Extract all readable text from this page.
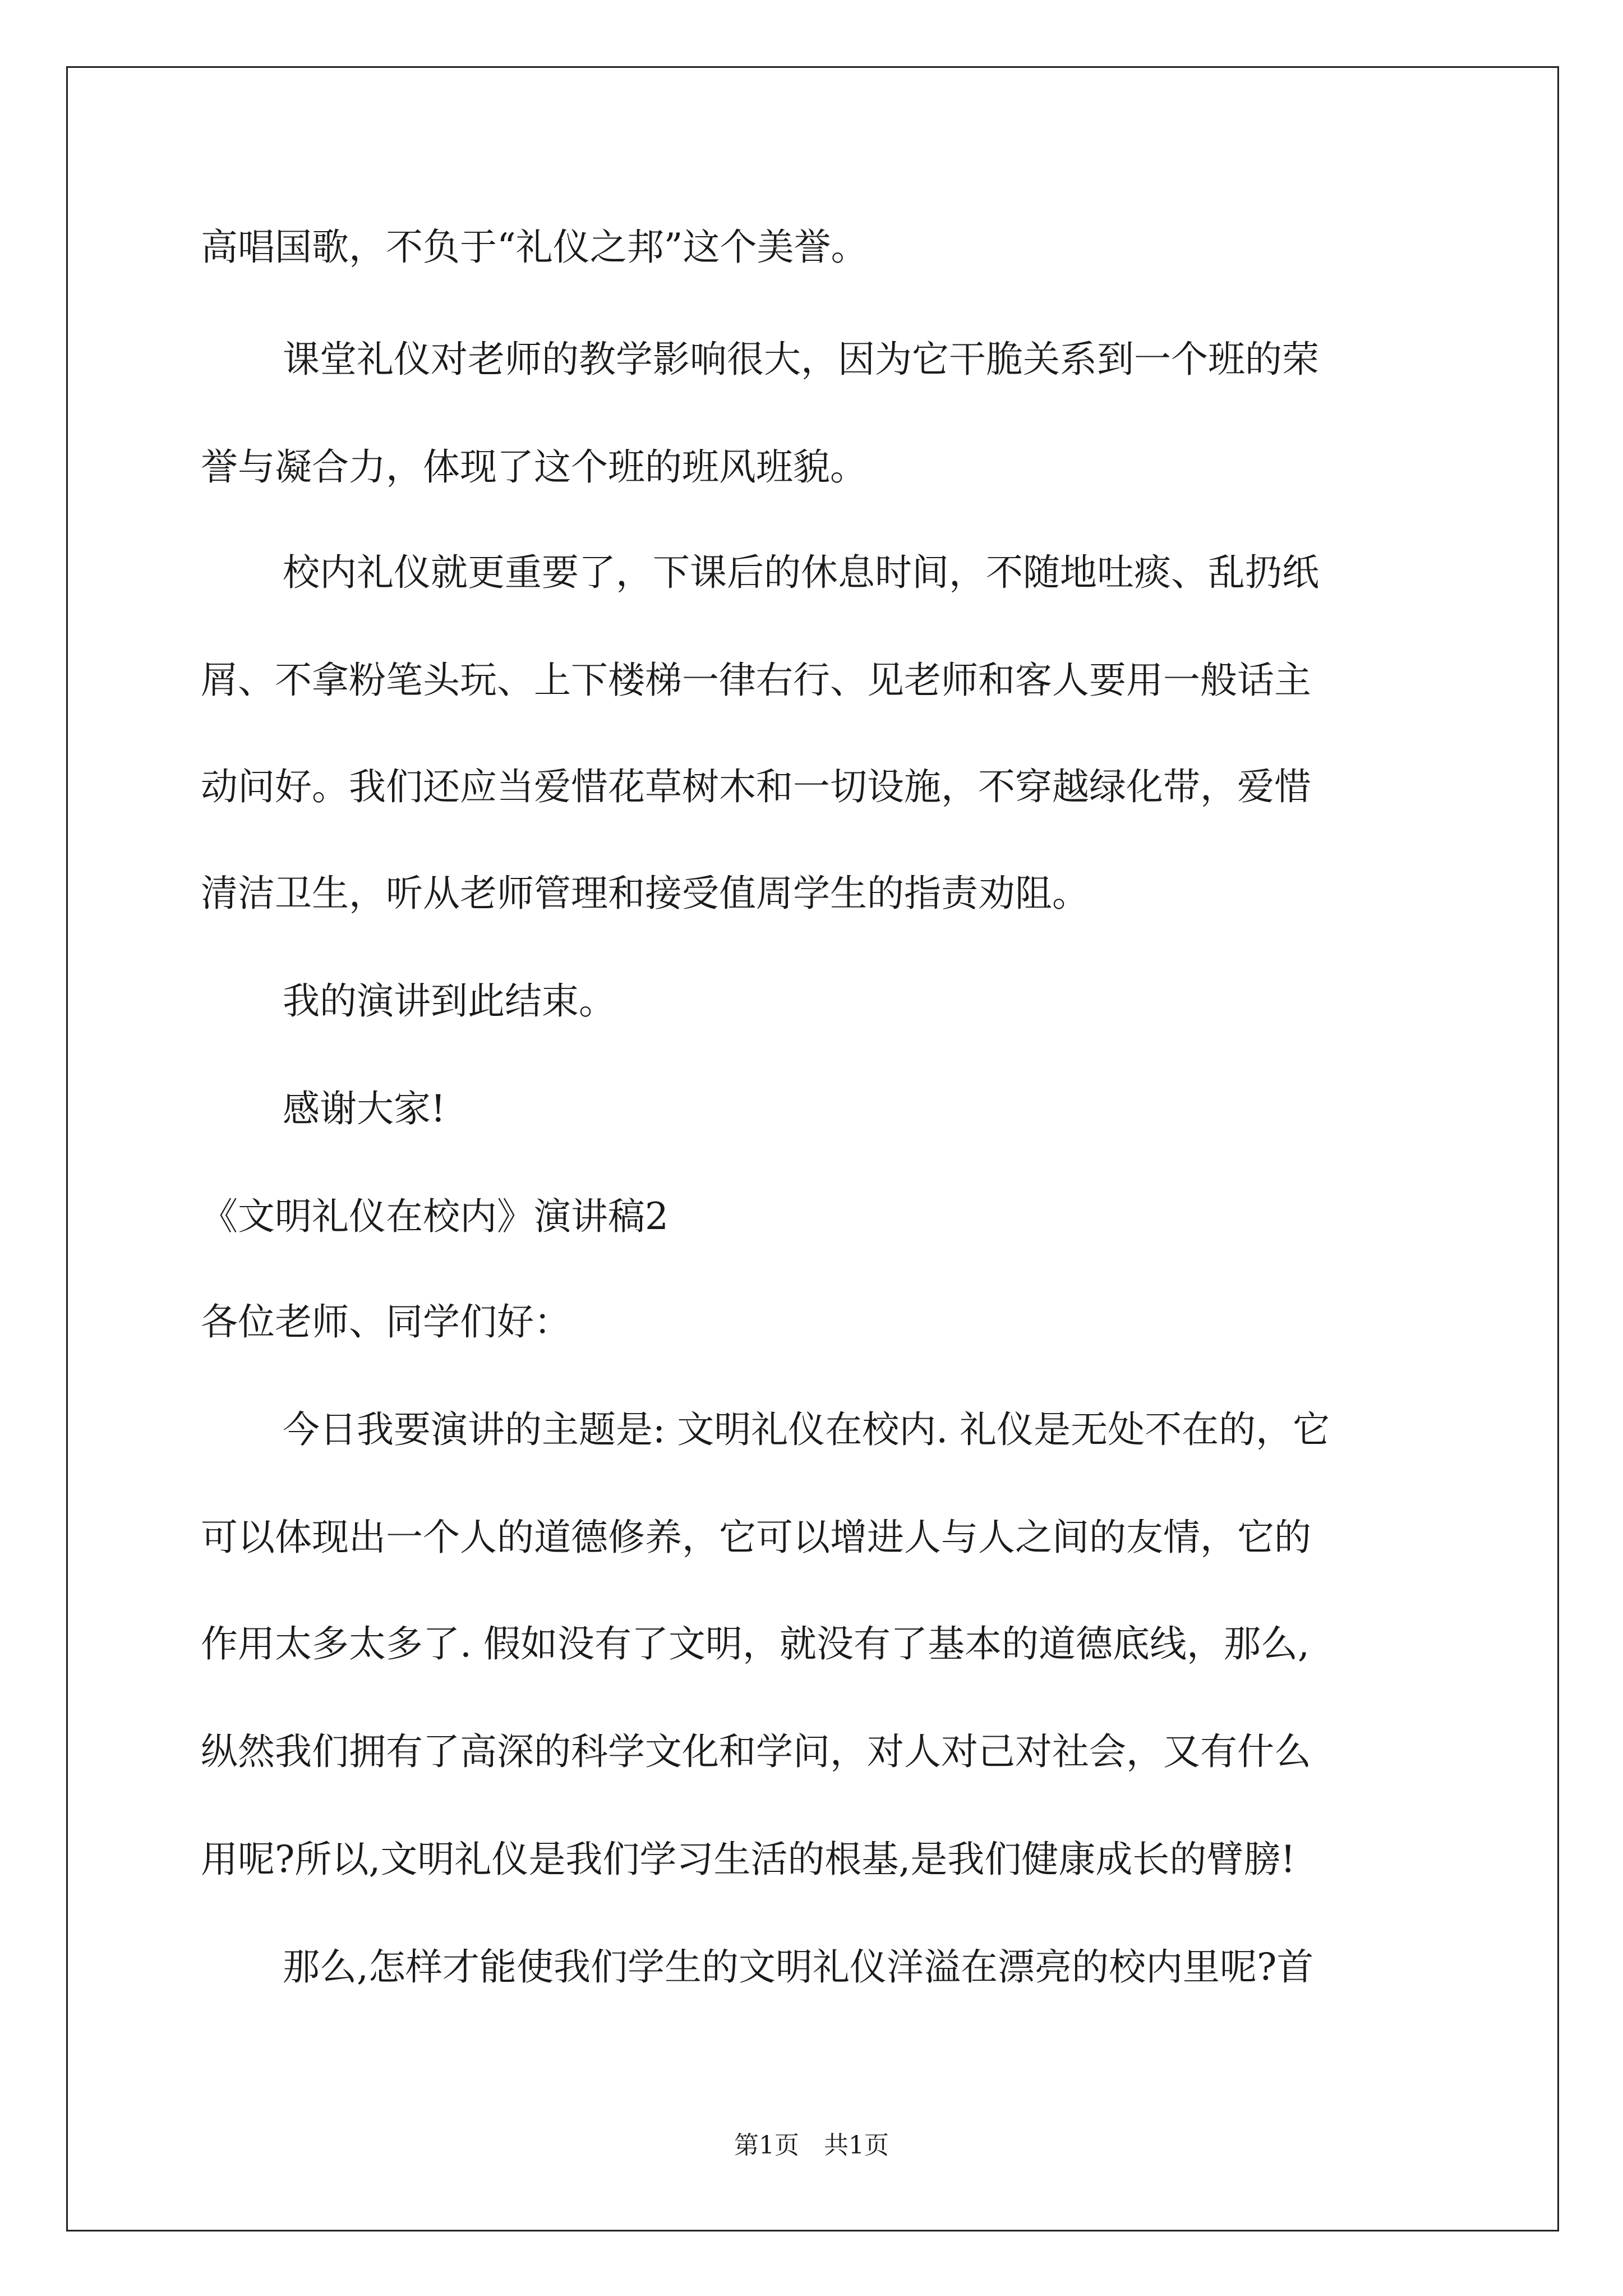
高唱国歌，不负于“礼仪之邦”这个美誉。
课堂礼仪对老师的教学影响很大，因为它干脆关系到一个班的荣
誉与凝合力，体现了这个班的班风班貌。
校内礼仪就更重要了，下课后的休息时间，不随地吐痰、乱扔纸
屑、不拿粉笔头玩、上下楼梯一律右行、见老师和客人要用一般话主
动问好。我们还应当爱惜花草树木和一切设施，不穿越绿化带，爱惜
清洁卫生，听从老师管理和接受值周学生的指责劝阻。
我的演讲到此结束。
感谢大家!
《文明礼仪在校内》演讲稿2
各位老师、同学们好：
今日我要演讲的主题是: 文明礼仪在校内. 礼仪是无处不在的，它
可以体现出一个人的道德修养，它可以增进人与人之间的友情，它的
作用太多太多了. 假如没有了文明，就没有了基本的道德底线，那么,
纵然我们拥有了高深的科学文化和学问，对人对己对社会，又有什么
用呢?所以,文明礼仪是我们学习生活的根基,是我们健康成长的臂膀!
那么,怎样才能使我们学生的文明礼仪洋溢在漂亮的校内里呢?首
第1页　共1页
